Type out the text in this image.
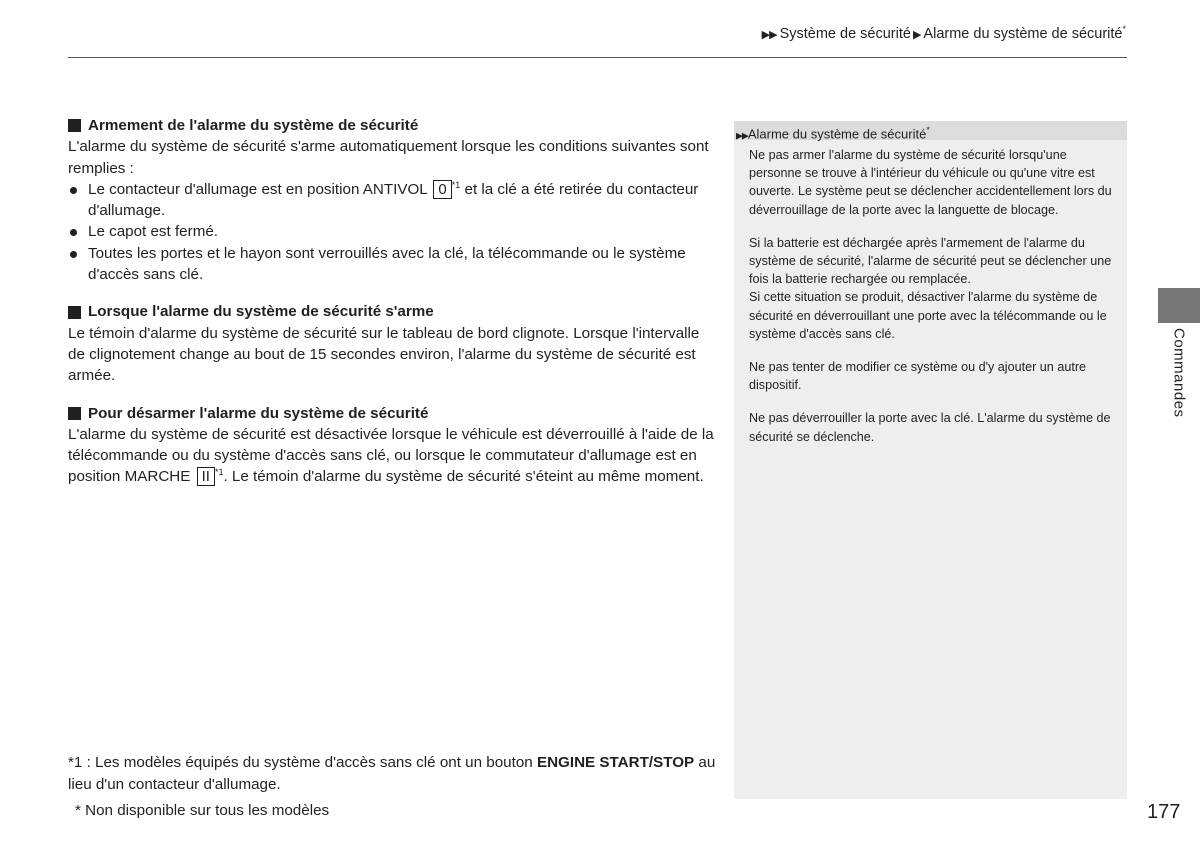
▶▶ Système de sécurité ▶ Alarme du système de sécurité*
Armement de l'alarme du système de sécurité

L'alarme du système de sécurité s'arme automatiquement lorsque les conditions suivantes sont remplies :

Le contacteur d'allumage est en position ANTIVOL 0 $^{*1}$ et la clé a été retirée du contacteur d'allumage.
Le capot est fermé.
Toutes les portes et le hayon sont verrouillés avec la clé, la télécommande ou le système d'accès sans clé.
Lorsque l'alarme du système de sécurité s'arme

Le témoin d'alarme du système de sécurité sur le tableau de bord clignote. Lorsque l'intervalle de clignotement change au bout de 15 secondes environ, l'alarme du système de sécurité est armée.

Pour désarmer l'alarme du système de sécurité

L'alarme du système de sécurité est désactivée lorsque le véhicule est déverrouillé à l'aide de la télécommande ou du système d'accès sans clé, ou lorsque le commutateur d'allumage est en position MARCHE II $^{*1}$. Le témoin d'alarme du système de sécurité s'éteint au même moment.

▶▶Alarme du système de sécurité*

Ne pas armer l'alarme du système de sécurité lorsqu'une personne se trouve à l'intérieur du véhicule ou qu'une vitre est ouverte. Le système peut se déclencher accidentellement lors du déverrouillage de la porte avec la languette de blocage.

Si la batterie est déchargée après l'armement de l'alarme du système de sécurité, l'alarme de sécurité peut se déclencher une fois la batterie rechargée ou remplacée.

Si cette situation se produit, désactiver l'alarme du système de sécurité en déverrouillant une porte avec la télécommande ou le système d'accès sans clé.

Ne pas tenter de modifier ce système ou d'y ajouter un autre dispositif.

Ne pas déverrouiller la porte avec la clé. L'alarme du système de sécurité se déclenche.

Commandes
*1 : Les modèles équipés du système d'accès sans clé ont un bouton ENGINE START/STOP au lieu d'un contacteur d'allumage.
* Non disponible sur tous les modèles	177
